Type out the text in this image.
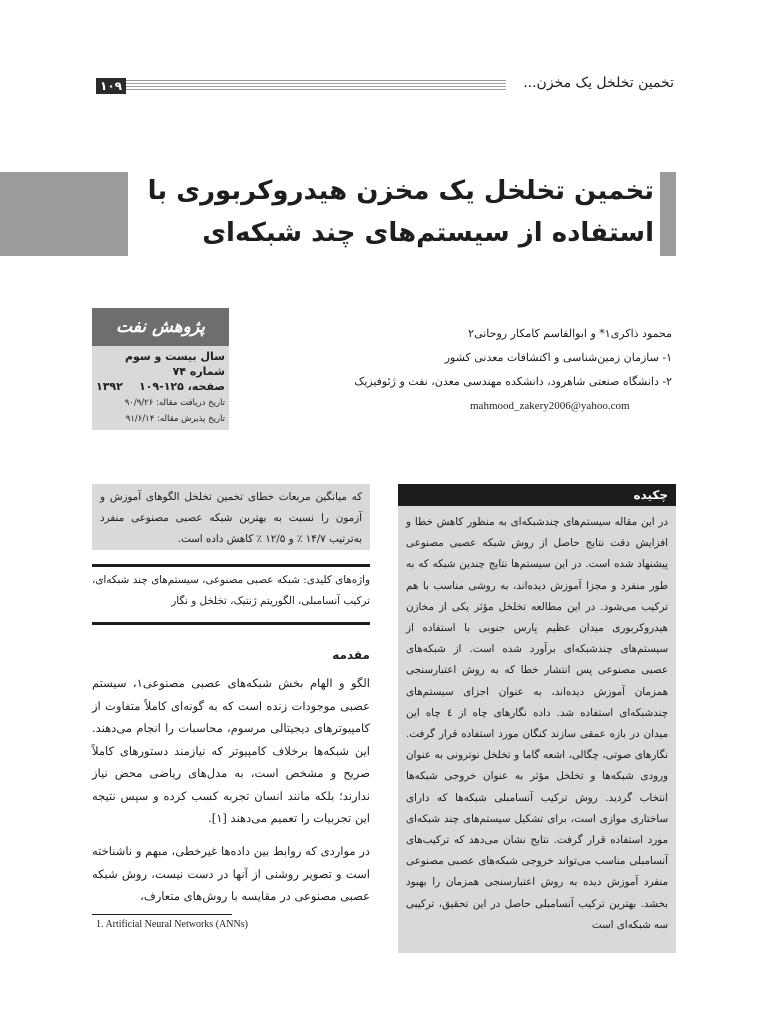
۱۰۹	تخمین تخلخل یک مخزن...
تخمین تخلخل یک مخزن هیدروکربوری با استفاده از سیستم‌های چند شبکه‌ای
پژوهش نفت
سال بیست و سوم
شماره ۷۴
صفحه، ۱۲۵-۱۰۹
۱۳۹۲
تاریخ دریافت مقاله: ۹۰/۹/۲۶
تاریخ پذیرش مقاله: ۹۱/۶/۱۴
محمود ذاکری۱* و ابوالقاسم کامکار روحانی۲
۱- سازمان زمین‌شناسی و اکتشافات معدنی کشور
۲- دانشگاه صنعتی شاهرود، دانشکده مهندسی معدن، نفت و ژئوفیزیک
mahmood_zakery2006@yahoo.com
چکیده
در این مقاله سیستم‌های چندشبکه‌ای به منظور کاهش خطا و افزایش دقت نتایج حاصل از روش شبکه عصبی مصنوعی پیشنهاد شده است. در این سیستم‌ها نتایج چندین شبکه که به طور منفرد و مجزا آموزش دیده‌اند، به روشی مناسب با هم ترکیب می‌شود. در این مطالعه تخلخل مؤثر یکی از مخازن هیدروکربوری میدان عظیم پارس جنوبی با استفاده از سیستم‌های چندشبکه‌ای برآورد شده است. از شبکه‌های عصبی مصنوعی پس انتشار خطا که به روش اعتبارسنجی همزمان آموزش دیده‌اند، به عنوان اجزای سیستم‌های چندشبکه‌ای استفاده شد. داده نگارهای چاه از ٤ چاه این میدان در بازه عمقی سازند کنگان مورد استفاده قرار گرفت. نگارهای صوتی، چگالی، اشعه گاما و تخلخل نوترونی به عنوان ورودی شبکه‌ها و تخلخل مؤثر به عنوان خروجی شبکه‌ها انتخاب گردید. روش ترکیب آنسامبلی شبکه‌ها که دارای ساختاری موازی است، برای تشکیل سیستم‌های چند شبکه‌ای مورد استفاده قرار گرفت. نتایج نشان می‌دهد که ترکیب‌های آنسامبلی مناسب می‌تواند خروجی شبکه‌های عصبی مصنوعی منفرد آموزش دیده به روش اعتبارسنجی همزمان را بهبود بخشد. بهترین ترکیب آنسامبلی حاصل در این تحقیق، ترکیبی سه شبکه‌ای است
که میانگین مربعات خطای تخمین تخلخل الگوهای آموزش و آزمون را نسبت به بهترین شبکه عصبی مصنوعی منفرد به‌ترتیب ۱۴/۷ ٪ و ۱۲/۵ ٪ کاهش داده است.
واژه‌های کلیدی: شبکه عصبی مصنوعی، سیستم‌های چند شبکه‌ای، ترکیب آنسامبلی، الگوریتم ژنتیک، تخلخل و نگار
مقدمه
الگو و الهام بخش شبکه‌های عصبی مصنوعی۱، سیستم عصبی موجودات زنده است که به گونه‌ای کاملاً متفاوت از کامپیوترهای دیجیتالی مرسوم، محاسبات را انجام می‌دهند. این شبکه‌ها برخلاف کامپیوتر که نیازمند دستورهای کاملاً صریح و مشخص است، به مدل‌های ریاضی محض نیاز ندارند؛ بلکه مانند انسان تجربه کسب کرده و سپس نتیجه این تجربیات را تعمیم می‌دهند [۱].
در مواردی که روابط بین داده‌ها غیرخطی، مبهم و ناشناخته است و تصویر روشنی از آنها در دست نیست، روش شبکه عصبی مصنوعی در مقایسه با روش‌های متعارف،
1. Artificial Neural Networks (ANNs)
